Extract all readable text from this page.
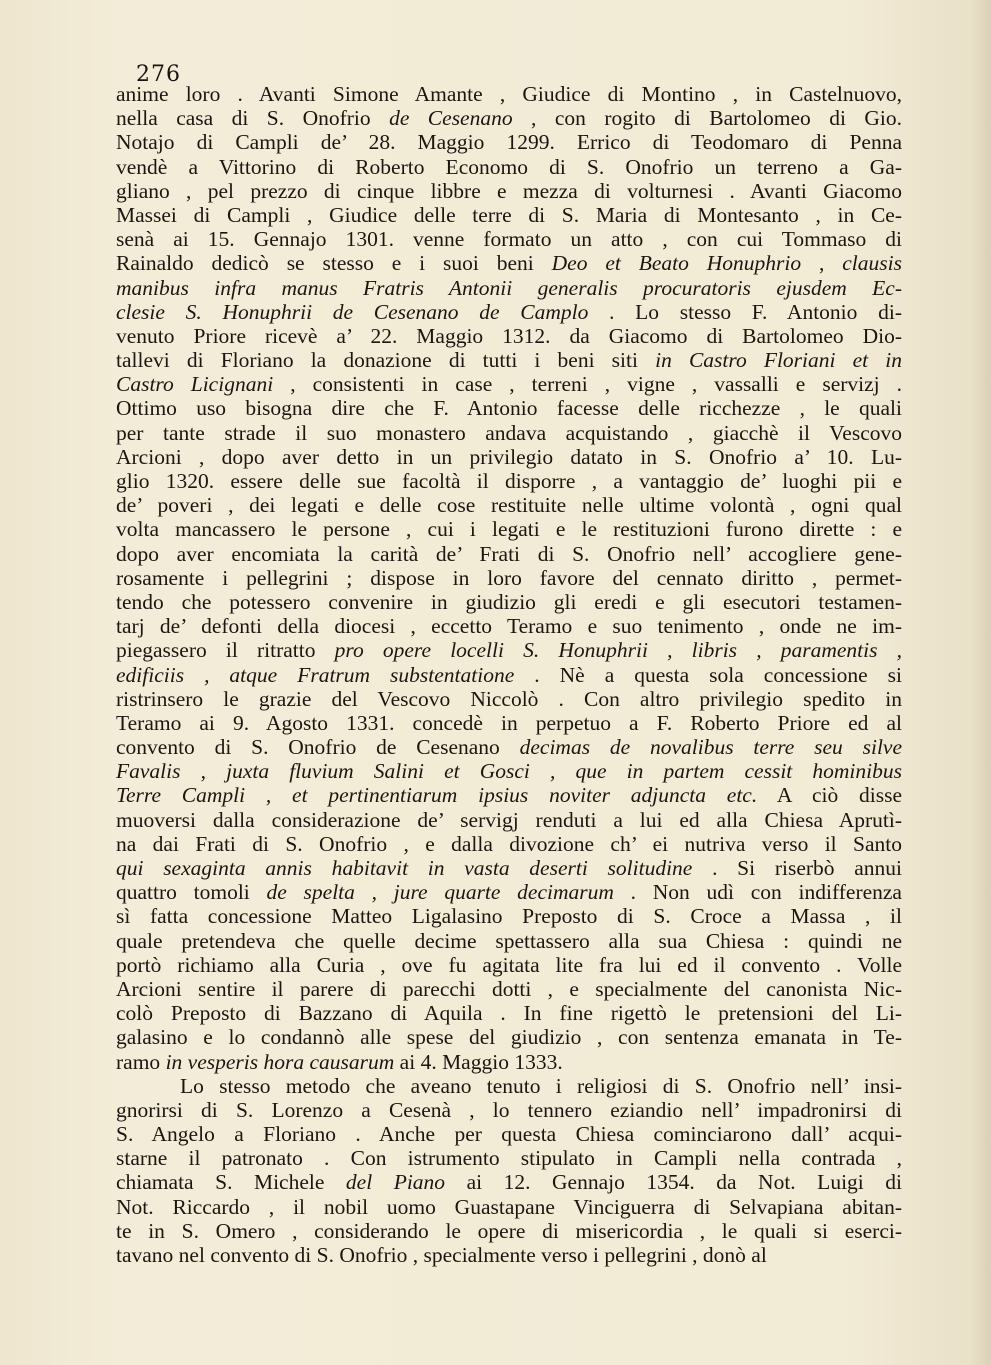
276
anime loro . Avanti Simone Amante , Giudice di Montino , in Castelnuovo,
nella casa di S. Onofrio de Cesenano , con rogito di Bartolomeo di Gio.
Notajo di Campli de’ 28. Maggio 1299. Errico di Teodomaro di Penna
vendè a Vittorino di Roberto Economo di S. Onofrio un terreno a Ga-
gliano , pel prezzo di cinque libbre e mezza di volturnesi . Avanti Giacomo
Massei di Campli , Giudice delle terre di S. Maria di Montesanto , in Ce-
senà ai 15. Gennajo 1301. venne formato un atto , con cui Tommaso di
Rainaldo dedicò se stesso e i suoi beni Deo et Beato Honuphrio , clausis
manibus infra manus Fratris Antonii generalis procuratoris ejusdem Ec-
clesie S. Honuphrii de Cesenano de Camplo . Lo stesso F. Antonio di-
venuto Priore ricevè a’ 22. Maggio 1312. da Giacomo di Bartolomeo Dio-
tallevi di Floriano la donazione di tutti i beni siti in Castro Floriani et in
Castro Licignani , consistenti in case , terreni , vigne , vassalli e servizj .
Ottimo uso bisogna dire che F. Antonio facesse delle ricchezze , le quali
per tante strade il suo monastero andava acquistando , giacchè il Vescovo
Arcioni , dopo aver detto in un privilegio datato in S. Onofrio a’ 10. Lu-
glio 1320. essere delle sue facoltà il disporre , a vantaggio de’ luoghi pii e
de’ poveri , dei legati e delle cose restituite nelle ultime volontà , ogni qual
volta mancassero le persone , cui i legati e le restituzioni furono dirette : e
dopo aver encomiata la carità de’ Frati di S. Onofrio nell’ accogliere gene-
rosamente i pellegrini ; dispose in loro favore del cennato diritto , permet-
tendo che potessero convenire in giudizio gli eredi e gli esecutori testamen-
tarj de’ defonti della diocesi , eccetto Teramo e suo tenimento , onde ne im-
piegassero il ritratto pro opere locelli S. Honuphrii , libris , paramentis ,
edificiis , atque Fratrum substentatione . Nè a questa sola concessione si
ristrinsero le grazie del Vescovo Niccolò . Con altro privilegio spedito in
Teramo ai 9. Agosto 1331. concedè in perpetuo a F. Roberto Priore ed al
convento di S. Onofrio de Cesenano decimas de novalibus terre seu silve
Favalis , juxta fluvium Salini et Gosci , que in partem cessit hominibus
Terre Campli , et pertinentiarum ipsius noviter adjuncta etc. A ciò disse
muoversi dalla considerazione de’ servigj renduti a lui ed alla Chiesa Aprutì-
na dai Frati di S. Onofrio , e dalla divozione ch’ ei nutriva verso il Santo
qui sexaginta annis habitavit in vasta deserti solitudine . Si riserbò annui
quattro tomoli de spelta , jure quarte decimarum . Non udì con indifferenza
sì fatta concessione Matteo Ligalasino Preposto di S. Croce a Massa , il
quale pretendeva che quelle decime spettassero alla sua Chiesa : quindi ne
portò richiamo alla Curia , ove fu agitata lite fra lui ed il convento . Volle
Arcioni sentire il parere di parecchi dotti , e specialmente del canonista Nic-
colò Preposto di Bazzano di Aquila . In fine rigettò le pretensioni del Li-
galasino e lo condannò alle spese del giudizio , con sentenza emanata in Te-
ramo in vesperis hora causarum ai 4. Maggio 1333.
Lo stesso metodo che aveano tenuto i religiosi di S. Onofrio nell’ insi-
gnorirsi di S. Lorenzo a Cesenà , lo tennero eziandio nell’ impadronirsi di
S. Angelo a Floriano . Anche per questa Chiesa cominciarono dall’ acqui-
starne il patronato . Con istrumento stipulato in Campli nella contrada ,
chiamata S. Michele del Piano ai 12. Gennajo 1354. da Not. Luigi di
Not. Riccardo , il nobil uomo Guastapane Vinciguerra di Selvapiana abitan-
te in S. Omero , considerando le opere di misericordia , le quali si eserci-
tavano nel convento di S. Onofrio , specialmente verso i pellegrini , donò al
